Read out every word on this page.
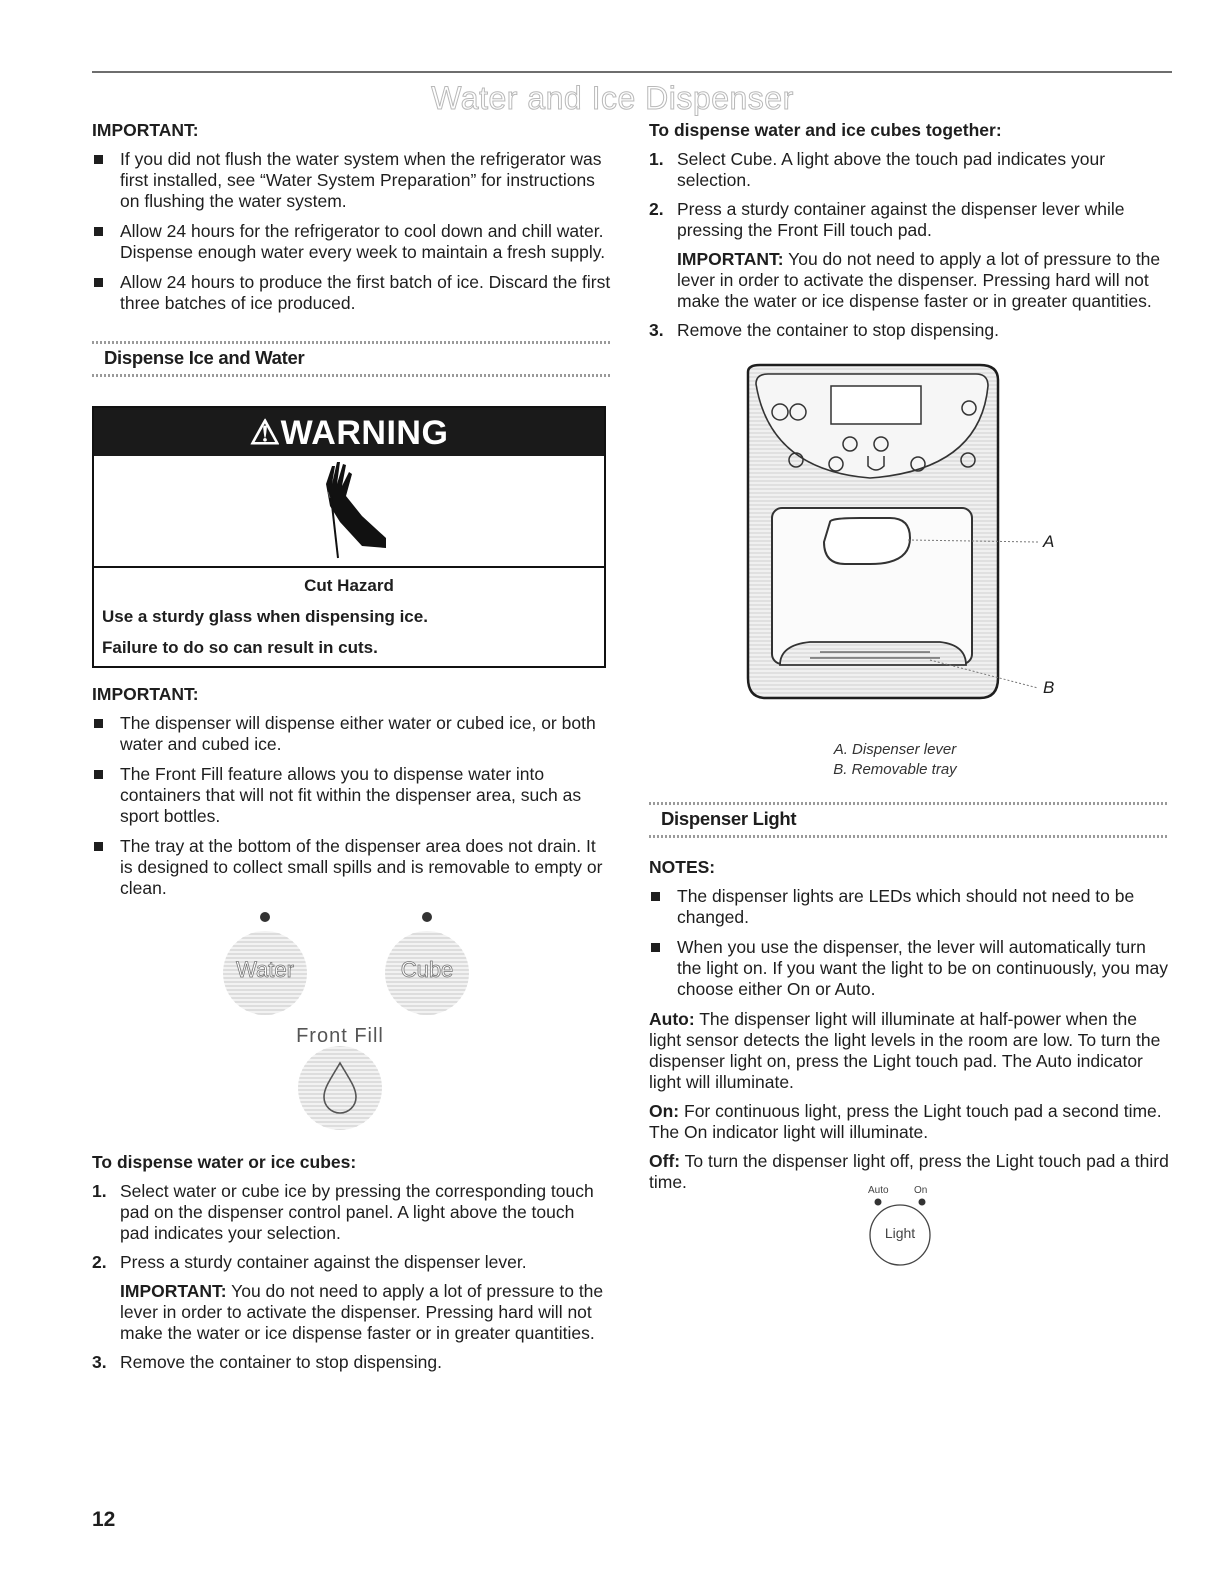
Water and Ice Dispenser

IMPORTANT:

If you did not flush the water system when the refrigerator was first installed, see “Water System Preparation” for instructions on flushing the water system.
Allow 24 hours for the refrigerator to cool down and chill water. Dispense enough water every week to maintain a fresh supply.
Allow 24 hours to produce the first batch of ice. Discard the first three batches of ice produced.
Dispense Ice and Water
⚠WARNING
Cut Hazard
Use a sturdy glass when dispensing ice.
Failure to do so can result in cuts.

IMPORTANT:

The dispenser will dispense either water or cubed ice, or both water and cubed ice.
The Front Fill feature allows you to dispense water into containers that will not fit within the dispenser area, such as sport bottles.
The tray at the bottom of the dispenser area does not drain. It is designed to collect small spills and is removable to empty or clean.
Water	Cube
Front Fill

To dispense water or ice cubes:

1. Select water or cube ice by pressing the corresponding touch pad on the dispenser control panel. A light above the touch pad indicates your selection.
2. Press a sturdy container against the dispenser lever.
IMPORTANT: You do not need to apply a lot of pressure to the lever in order to activate the dispenser. Pressing hard will not make the water or ice dispense faster or in greater quantities.
3. Remove the container to stop dispensing.

To dispense water and ice cubes together:

1. Select Cube. A light above the touch pad indicates your selection.
2. Press a sturdy container against the dispenser lever while pressing the Front Fill touch pad.
IMPORTANT: You do not need to apply a lot of pressure to the lever in order to activate the dispenser. Pressing hard will not make the water or ice dispense faster or in greater quantities.
3. Remove the container to stop dispensing.
A
B
A. Dispenser lever
B. Removable tray
Dispenser Light

NOTES:

The dispenser lights are LEDs which should not need to be changed.
When you use the dispenser, the lever will automatically turn the light on. If you want the light to be on continuously, you may choose either On or Auto.

Auto: The dispenser light will illuminate at half-power when the light sensor detects the light levels in the room are low. To turn the dispenser light on, press the Light touch pad. The Auto indicator light will illuminate.

On: For continuous light, press the Light touch pad a second time. The On indicator light will illuminate.

Off: To turn the dispenser light off, press the Light touch pad a third time.	Auto	On
Light
12
